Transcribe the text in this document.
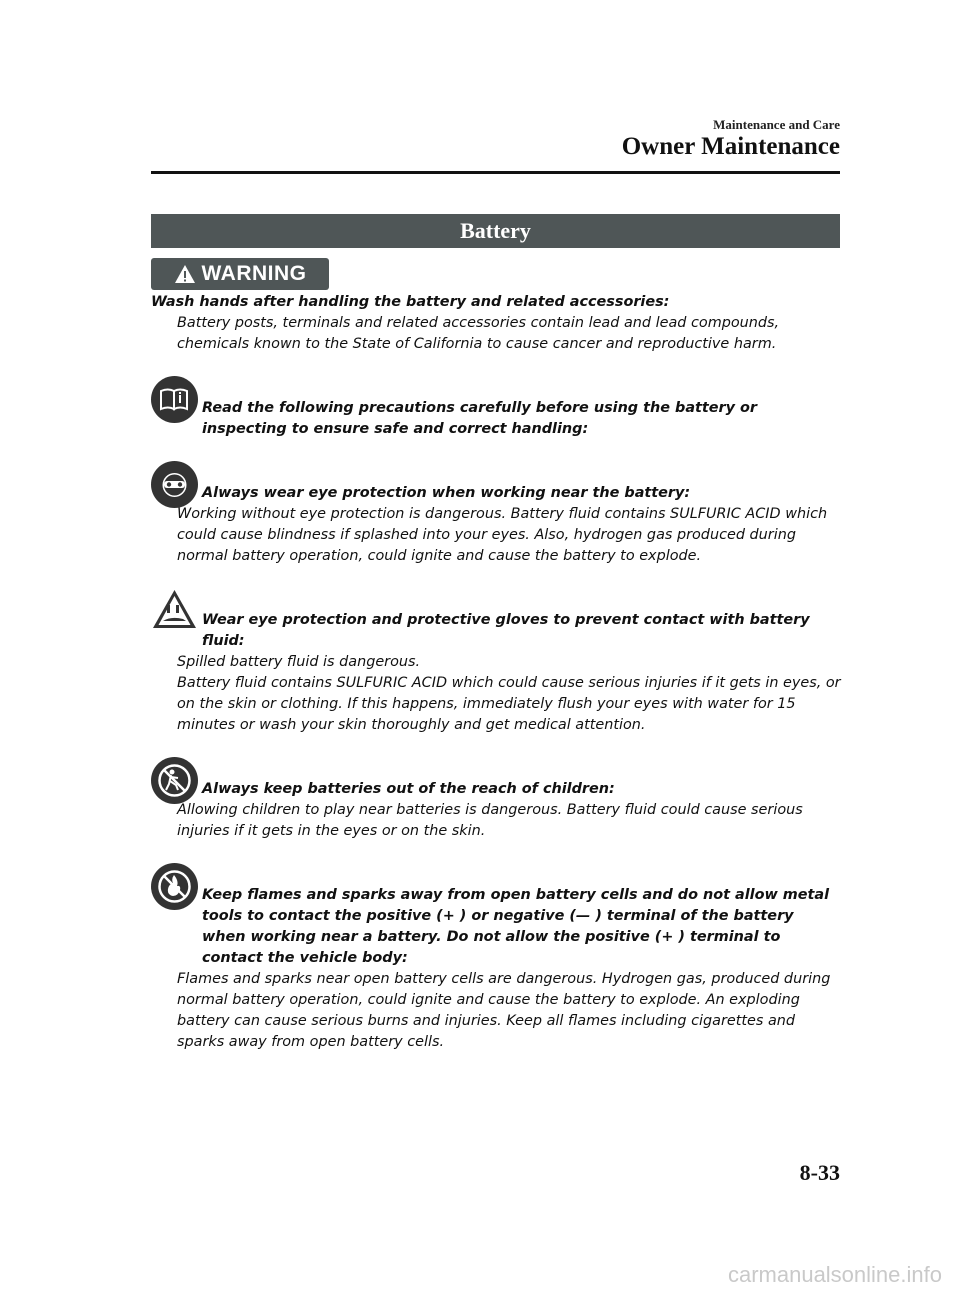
Maintenance and Care
Owner Maintenance
Battery
WARNING
Wash hands after handling the battery and related accessories:
Battery posts, terminals and related accessories contain lead and lead compounds, chemicals known to the State of California to cause cancer and reproductive harm.
Read the following precautions carefully before using the battery or inspecting to ensure safe and correct handling:
Always wear eye protection when working near the battery:
Working without eye protection is dangerous. Battery fluid contains SULFURIC ACID which could cause blindness if splashed into your eyes. Also, hydrogen gas produced during normal battery operation, could ignite and cause the battery to explode.
Wear eye protection and protective gloves to prevent contact with battery fluid:
Spilled battery fluid is dangerous.
Battery fluid contains SULFURIC ACID which could cause serious injuries if it gets in eyes, or on the skin or clothing. If this happens, immediately flush your eyes with water for 15 minutes or wash your skin thoroughly and get medical attention.
Always keep batteries out of the reach of children:
Allowing children to play near batteries is dangerous. Battery fluid could cause serious injuries if it gets in the eyes or on the skin.
Keep flames and sparks away from open battery cells and do not allow metal tools to contact the positive (+ ) or negative (— ) terminal of the battery when working near a battery. Do not allow the positive (+ ) terminal to contact the vehicle body:
Flames and sparks near open battery cells are dangerous. Hydrogen gas, produced during normal battery operation, could ignite and cause the battery to explode. An exploding battery can cause serious burns and injuries. Keep all flames including cigarettes and sparks away from open battery cells.
8-33
carmanualsonline.info
